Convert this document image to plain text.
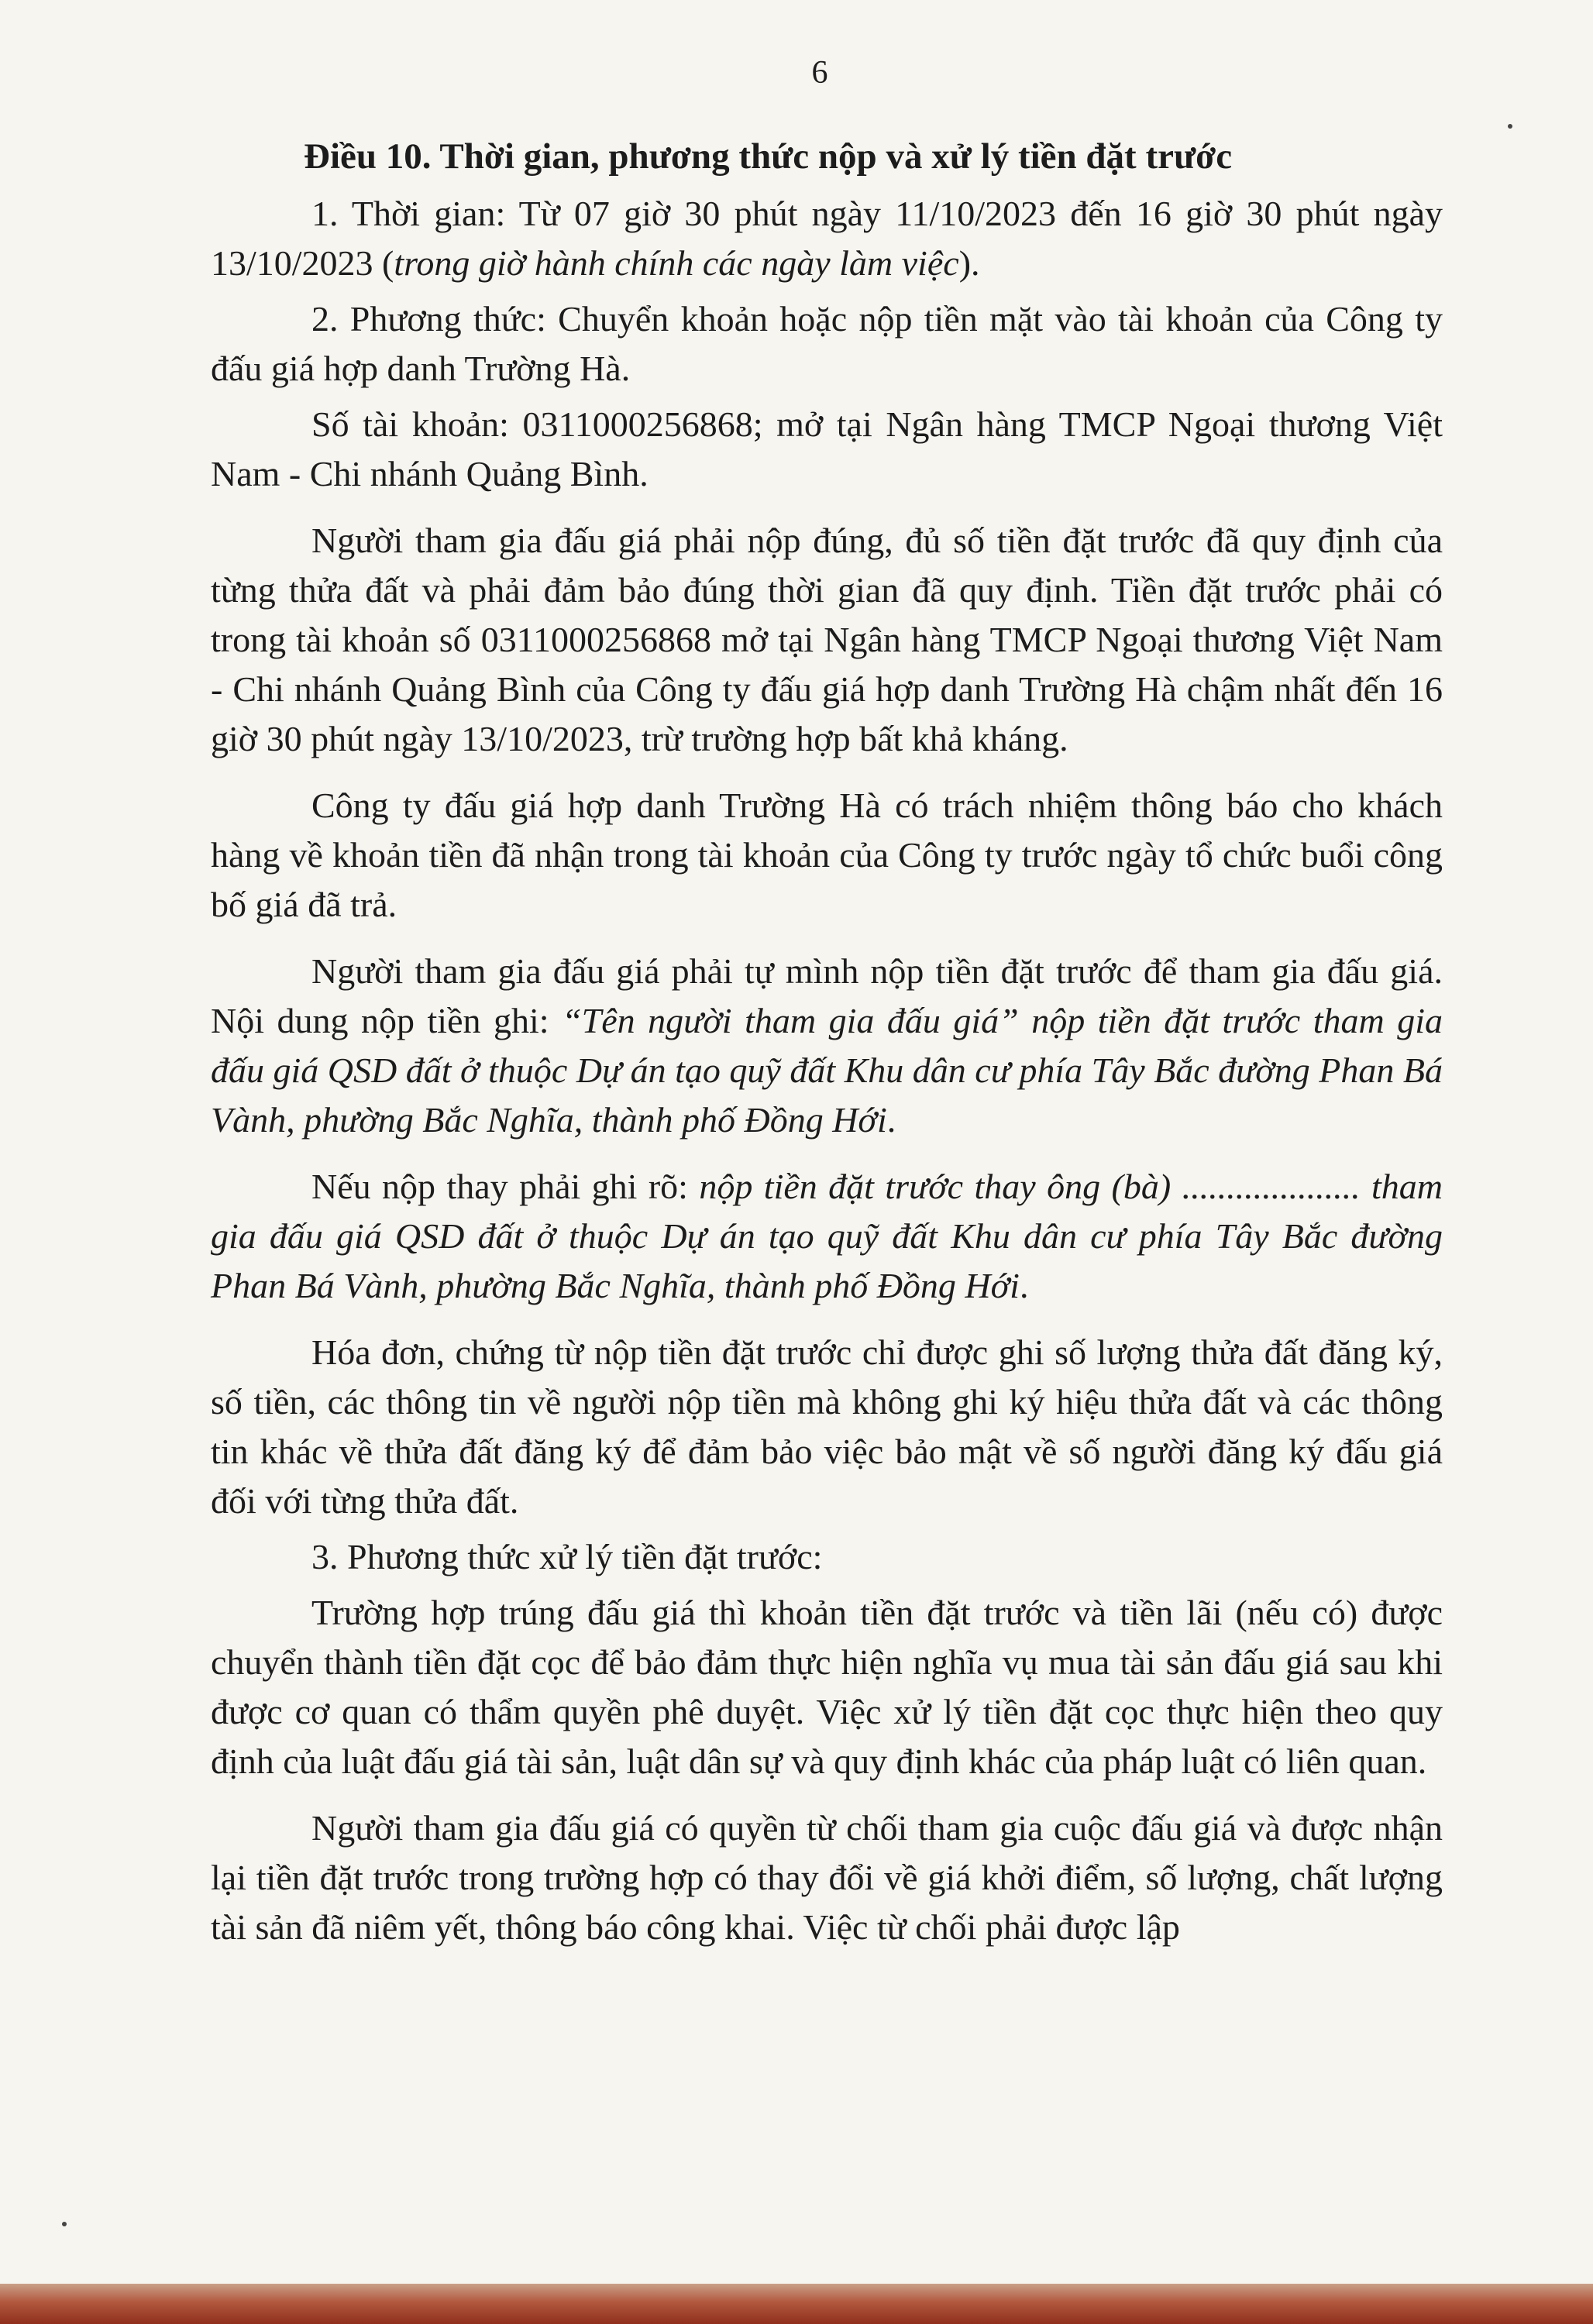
6

Điều 10. Thời gian, phương thức nộp và xử lý tiền đặt trước

1. Thời gian: Từ 07 giờ 30 phút ngày 11/10/2023 đến 16 giờ 30 phút ngày 13/10/2023 (trong giờ hành chính các ngày làm việc).

2. Phương thức: Chuyển khoản hoặc nộp tiền mặt vào tài khoản của Công ty đấu giá hợp danh Trường Hà.

Số tài khoản: 0311000256868; mở tại Ngân hàng TMCP Ngoại thương Việt Nam - Chi nhánh Quảng Bình.

Người tham gia đấu giá phải nộp đúng, đủ số tiền đặt trước đã quy định của từng thửa đất và phải đảm bảo đúng thời gian đã quy định. Tiền đặt trước phải có trong tài khoản số 0311000256868 mở tại Ngân hàng TMCP Ngoại thương Việt Nam - Chi nhánh Quảng Bình của Công ty đấu giá hợp danh Trường Hà chậm nhất đến 16 giờ 30 phút ngày 13/10/2023, trừ trường hợp bất khả kháng.

Công ty đấu giá hợp danh Trường Hà có trách nhiệm thông báo cho khách hàng về khoản tiền đã nhận trong tài khoản của Công ty trước ngày tổ chức buổi công bố giá đã trả.

Người tham gia đấu giá phải tự mình nộp tiền đặt trước để tham gia đấu giá. Nội dung nộp tiền ghi: “Tên người tham gia đấu giá” nộp tiền đặt trước tham gia đấu giá QSD đất ở thuộc Dự án tạo quỹ đất Khu dân cư phía Tây Bắc đường Phan Bá Vành, phường Bắc Nghĩa, thành phố Đồng Hới.

Nếu nộp thay phải ghi rõ: nộp tiền đặt trước thay ông (bà) .................... tham gia đấu giá QSD đất ở thuộc Dự án tạo quỹ đất Khu dân cư phía Tây Bắc đường Phan Bá Vành, phường Bắc Nghĩa, thành phố Đồng Hới.

Hóa đơn, chứng từ nộp tiền đặt trước chỉ được ghi số lượng thửa đất đăng ký, số tiền, các thông tin về người nộp tiền mà không ghi ký hiệu thửa đất và các thông tin khác về thửa đất đăng ký để đảm bảo việc bảo mật về số người đăng ký đấu giá đối với từng thửa đất.

3. Phương thức xử lý tiền đặt trước:

Trường hợp trúng đấu giá thì khoản tiền đặt trước và tiền lãi (nếu có) được chuyển thành tiền đặt cọc để bảo đảm thực hiện nghĩa vụ mua tài sản đấu giá sau khi được cơ quan có thẩm quyền phê duyệt. Việc xử lý tiền đặt cọc thực hiện theo quy định của luật đấu giá tài sản, luật dân sự và quy định khác của pháp luật có liên quan.

Người tham gia đấu giá có quyền từ chối tham gia cuộc đấu giá và được nhận lại tiền đặt trước trong trường hợp có thay đổi về giá khởi điểm, số lượng, chất lượng tài sản đã niêm yết, thông báo công khai. Việc từ chối phải được lập
